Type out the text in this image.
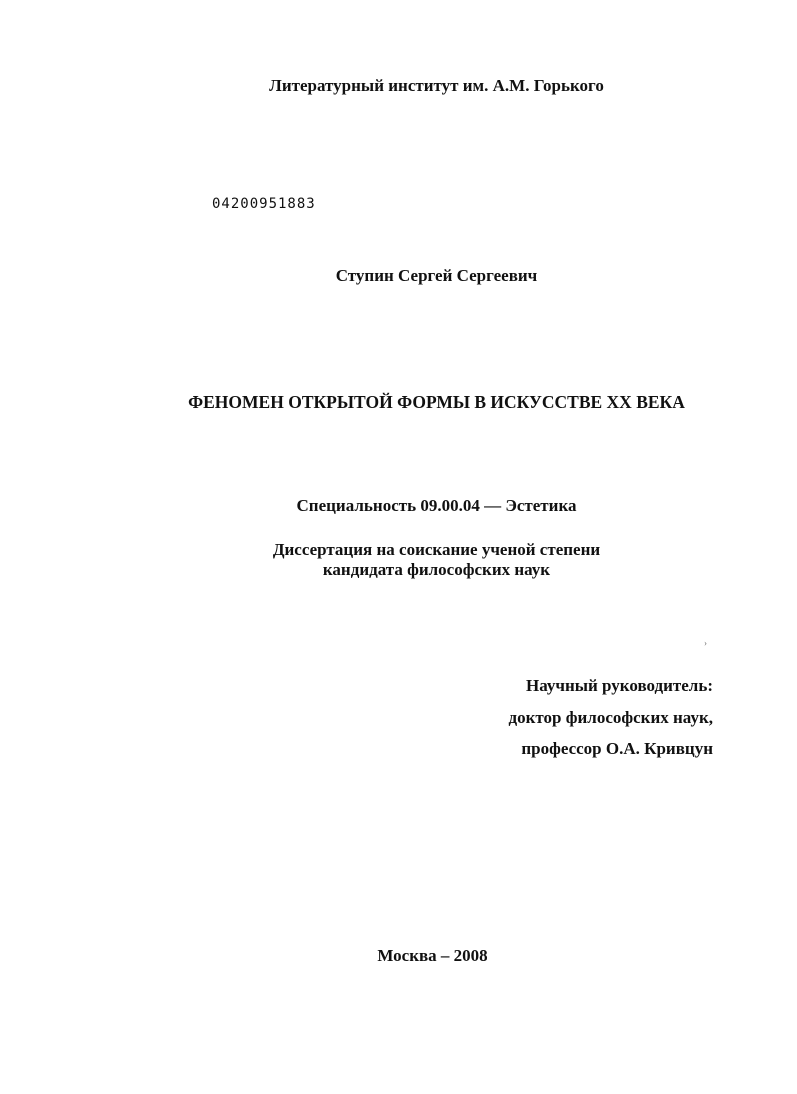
Литературный институт им. А.М. Горького
04200951883
Ступин Сергей Сергеевич
ФЕНОМЕН ОТКРЫТОЙ ФОРМЫ В ИСКУССТВЕ XX ВЕКА
Специальность 09.00.04 — Эстетика
Диссертация на соискание ученой степени
кандидата философских наук
›
Научный руководитель:
доктор философских наук,
профессор О.А. Кривцун
Москва – 2008
